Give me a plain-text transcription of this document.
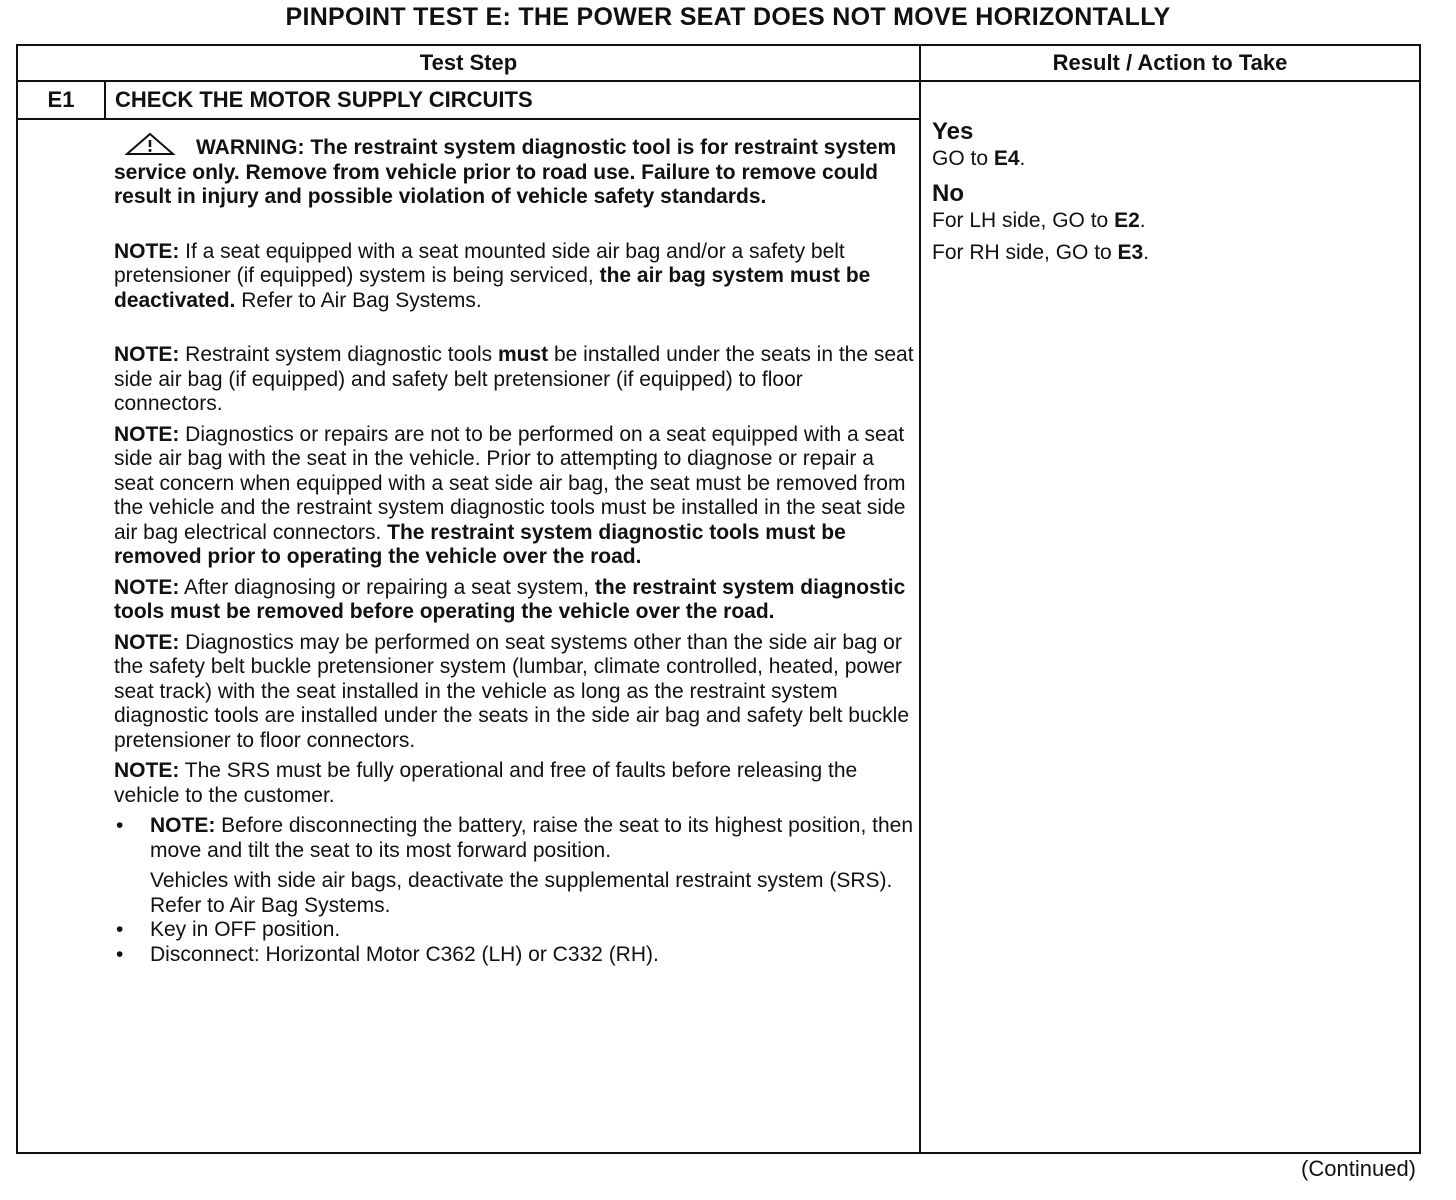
PINPOINT TEST E: THE POWER SEAT DOES NOT MOVE HORIZONTALLY
Test Step	Result / Action to Take
E1	CHECK THE MOTOR SUPPLY CIRCUITS

WARNING: The restraint system diagnostic tool is for restraint system service only. Remove from vehicle prior to road use. Failure to remove could result in injury and possible violation of vehicle safety standards.

NOTE: If a seat equipped with a seat mounted side air bag and/or a safety belt pretensioner (if equipped) system is being serviced, the air bag system must be deactivated. Refer to Air Bag Systems.

NOTE: Restraint system diagnostic tools must be installed under the seats in the seat side air bag (if equipped) and safety belt pretensioner (if equipped) to floor connectors.

NOTE: Diagnostics or repairs are not to be performed on a seat equipped with a seat side air bag with the seat in the vehicle. Prior to attempting to diagnose or repair a seat concern when equipped with a seat side air bag, the seat must be removed from the vehicle and the restraint system diagnostic tools must be installed in the seat side air bag electrical connectors. The restraint system diagnostic tools must be removed prior to operating the vehicle over the road.

NOTE: After diagnosing or repairing a seat system, the restraint system diagnostic tools must be removed before operating the vehicle over the road.

NOTE: Diagnostics may be performed on seat systems other than the side air bag or the safety belt buckle pretensioner system (lumbar, climate controlled, heated, power seat track) with the seat installed in the vehicle as long as the restraint system diagnostic tools are installed under the seats in the side air bag and safety belt buckle pretensioner to floor connectors.

NOTE: The SRS must be fully operational and free of faults before releasing the vehicle to the customer.

• NOTE: Before disconnecting the battery, raise the seat to its highest position, then move and tilt the seat to its most forward position.

Vehicles with side air bags, deactivate the supplemental restraint system (SRS). Refer to Air Bag Systems.

• Key in OFF position.

• Disconnect: Horizontal Motor C362 (LH) or C332 (RH).

Yes

GO to E4.

No

For LH side, GO to E2.

For RH side, GO to E3.

(Continued)
